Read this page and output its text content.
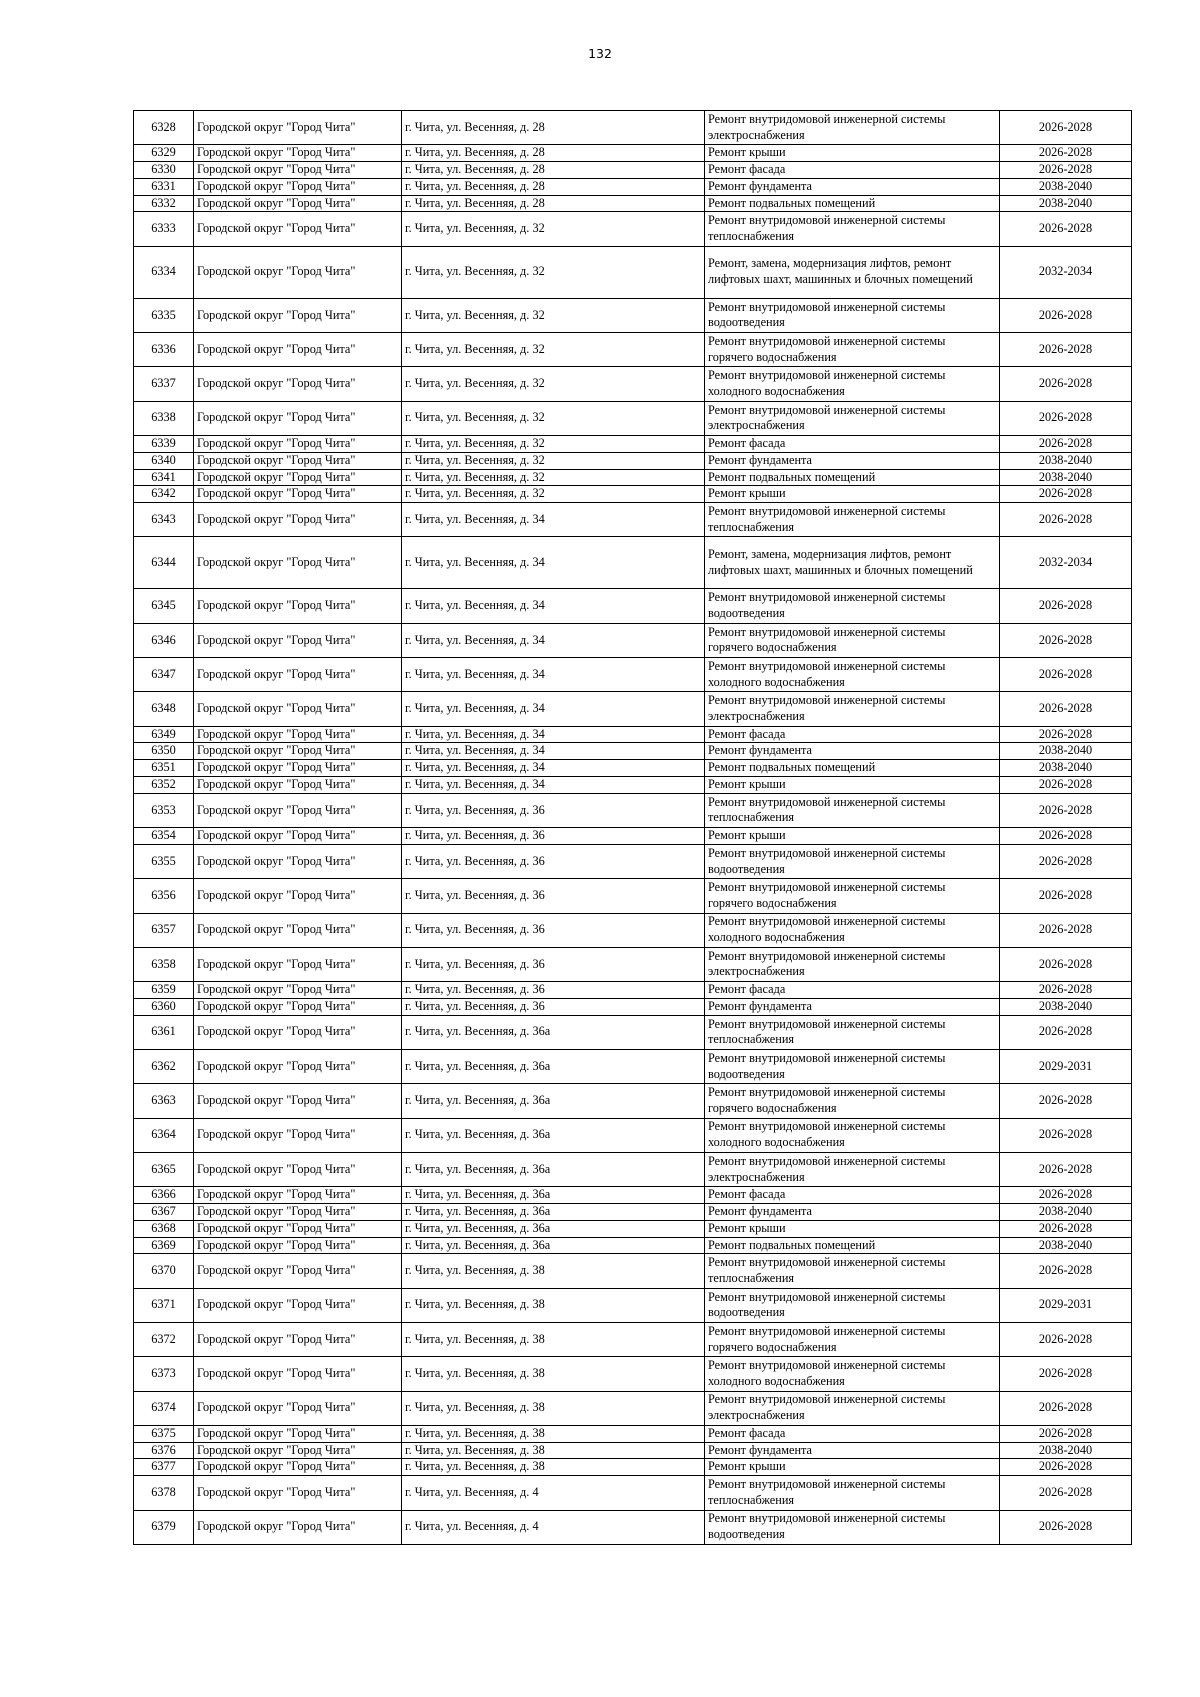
132
6328	Городской округ "Город Чита"	г. Чита, ул. Весенняя, д. 28	Ремонт внутридомовой инженерной системы
электроснабжения	2026-2028
6329	Городской округ "Город Чита"	г. Чита, ул. Весенняя, д. 28	Ремонт крыши	2026-2028
6330	Городской округ "Город Чита"	г. Чита, ул. Весенняя, д. 28	Ремонт фасада	2026-2028
6331	Городской округ "Город Чита"	г. Чита, ул. Весенняя, д. 28	Ремонт фундамента	2038-2040
6332	Городской округ "Город Чита"	г. Чита, ул. Весенняя, д. 28	Ремонт подвальных помещений	2038-2040
6333	Городской округ "Город Чита"	г. Чита, ул. Весенняя, д. 32	Ремонт внутридомовой инженерной системы
теплоснабжения	2026-2028
6334	Городской округ "Город Чита"	г. Чита, ул. Весенняя, д. 32	Ремонт, замена, модернизация лифтов, ремонт
лифтовых шахт, машинных и блочных помещений	2032-2034
6335	Городской округ "Город Чита"	г. Чита, ул. Весенняя, д. 32	Ремонт внутридомовой инженерной системы
водоотведения	2026-2028
6336	Городской округ "Город Чита"	г. Чита, ул. Весенняя, д. 32	Ремонт внутридомовой инженерной системы
горячего водоснабжения	2026-2028
6337	Городской округ "Город Чита"	г. Чита, ул. Весенняя, д. 32	Ремонт внутридомовой инженерной системы
холодного водоснабжения	2026-2028
6338	Городской округ "Город Чита"	г. Чита, ул. Весенняя, д. 32	Ремонт внутридомовой инженерной системы
электроснабжения	2026-2028
6339	Городской округ "Город Чита"	г. Чита, ул. Весенняя, д. 32	Ремонт фасада	2026-2028
6340	Городской округ "Город Чита"	г. Чита, ул. Весенняя, д. 32	Ремонт фундамента	2038-2040
6341	Городской округ "Город Чита"	г. Чита, ул. Весенняя, д. 32	Ремонт подвальных помещений	2038-2040
6342	Городской округ "Город Чита"	г. Чита, ул. Весенняя, д. 32	Ремонт крыши	2026-2028
6343	Городской округ "Город Чита"	г. Чита, ул. Весенняя, д. 34	Ремонт внутридомовой инженерной системы
теплоснабжения	2026-2028
6344	Городской округ "Город Чита"	г. Чита, ул. Весенняя, д. 34	Ремонт, замена, модернизация лифтов, ремонт
лифтовых шахт, машинных и блочных помещений	2032-2034
6345	Городской округ "Город Чита"	г. Чита, ул. Весенняя, д. 34	Ремонт внутридомовой инженерной системы
водоотведения	2026-2028
6346	Городской округ "Город Чита"	г. Чита, ул. Весенняя, д. 34	Ремонт внутридомовой инженерной системы
горячего водоснабжения	2026-2028
6347	Городской округ "Город Чита"	г. Чита, ул. Весенняя, д. 34	Ремонт внутридомовой инженерной системы
холодного водоснабжения	2026-2028
6348	Городской округ "Город Чита"	г. Чита, ул. Весенняя, д. 34	Ремонт внутридомовой инженерной системы
электроснабжения	2026-2028
6349	Городской округ "Город Чита"	г. Чита, ул. Весенняя, д. 34	Ремонт фасада	2026-2028
6350	Городской округ "Город Чита"	г. Чита, ул. Весенняя, д. 34	Ремонт фундамента	2038-2040
6351	Городской округ "Город Чита"	г. Чита, ул. Весенняя, д. 34	Ремонт подвальных помещений	2038-2040
6352	Городской округ "Город Чита"	г. Чита, ул. Весенняя, д. 34	Ремонт крыши	2026-2028
6353	Городской округ "Город Чита"	г. Чита, ул. Весенняя, д. 36	Ремонт внутридомовой инженерной системы
теплоснабжения	2026-2028
6354	Городской округ "Город Чита"	г. Чита, ул. Весенняя, д. 36	Ремонт крыши	2026-2028
6355	Городской округ "Город Чита"	г. Чита, ул. Весенняя, д. 36	Ремонт внутридомовой инженерной системы
водоотведения	2026-2028
6356	Городской округ "Город Чита"	г. Чита, ул. Весенняя, д. 36	Ремонт внутридомовой инженерной системы
горячего водоснабжения	2026-2028
6357	Городской округ "Город Чита"	г. Чита, ул. Весенняя, д. 36	Ремонт внутридомовой инженерной системы
холодного водоснабжения	2026-2028
6358	Городской округ "Город Чита"	г. Чита, ул. Весенняя, д. 36	Ремонт внутридомовой инженерной системы
электроснабжения	2026-2028
6359	Городской округ "Город Чита"	г. Чита, ул. Весенняя, д. 36	Ремонт фасада	2026-2028
6360	Городской округ "Город Чита"	г. Чита, ул. Весенняя, д. 36	Ремонт фундамента	2038-2040
6361	Городской округ "Город Чита"	г. Чита, ул. Весенняя, д. 36а	Ремонт внутридомовой инженерной системы
теплоснабжения	2026-2028
6362	Городской округ "Город Чита"	г. Чита, ул. Весенняя, д. 36а	Ремонт внутридомовой инженерной системы
водоотведения	2029-2031
6363	Городской округ "Город Чита"	г. Чита, ул. Весенняя, д. 36а	Ремонт внутридомовой инженерной системы
горячего водоснабжения	2026-2028
6364	Городской округ "Город Чита"	г. Чита, ул. Весенняя, д. 36а	Ремонт внутридомовой инженерной системы
холодного водоснабжения	2026-2028
6365	Городской округ "Город Чита"	г. Чита, ул. Весенняя, д. 36а	Ремонт внутридомовой инженерной системы
электроснабжения	2026-2028
6366	Городской округ "Город Чита"	г. Чита, ул. Весенняя, д. 36а	Ремонт фасада	2026-2028
6367	Городской округ "Город Чита"	г. Чита, ул. Весенняя, д. 36а	Ремонт фундамента	2038-2040
6368	Городской округ "Город Чита"	г. Чита, ул. Весенняя, д. 36а	Ремонт крыши	2026-2028
6369	Городской округ "Город Чита"	г. Чита, ул. Весенняя, д. 36а	Ремонт подвальных помещений	2038-2040
6370	Городской округ "Город Чита"	г. Чита, ул. Весенняя, д. 38	Ремонт внутридомовой инженерной системы
теплоснабжения	2026-2028
6371	Городской округ "Город Чита"	г. Чита, ул. Весенняя, д. 38	Ремонт внутридомовой инженерной системы
водоотведения	2029-2031
6372	Городской округ "Город Чита"	г. Чита, ул. Весенняя, д. 38	Ремонт внутридомовой инженерной системы
горячего водоснабжения	2026-2028
6373	Городской округ "Город Чита"	г. Чита, ул. Весенняя, д. 38	Ремонт внутридомовой инженерной системы
холодного водоснабжения	2026-2028
6374	Городской округ "Город Чита"	г. Чита, ул. Весенняя, д. 38	Ремонт внутридомовой инженерной системы
электроснабжения	2026-2028
6375	Городской округ "Город Чита"	г. Чита, ул. Весенняя, д. 38	Ремонт фасада	2026-2028
6376	Городской округ "Город Чита"	г. Чита, ул. Весенняя, д. 38	Ремонт фундамента	2038-2040
6377	Городской округ "Город Чита"	г. Чита, ул. Весенняя, д. 38	Ремонт крыши	2026-2028
6378	Городской округ "Город Чита"	г. Чита, ул. Весенняя, д. 4	Ремонт внутридомовой инженерной системы
теплоснабжения	2026-2028
6379	Городской округ "Город Чита"	г. Чита, ул. Весенняя, д. 4	Ремонт внутридомовой инженерной системы
водоотведения	2026-2028
